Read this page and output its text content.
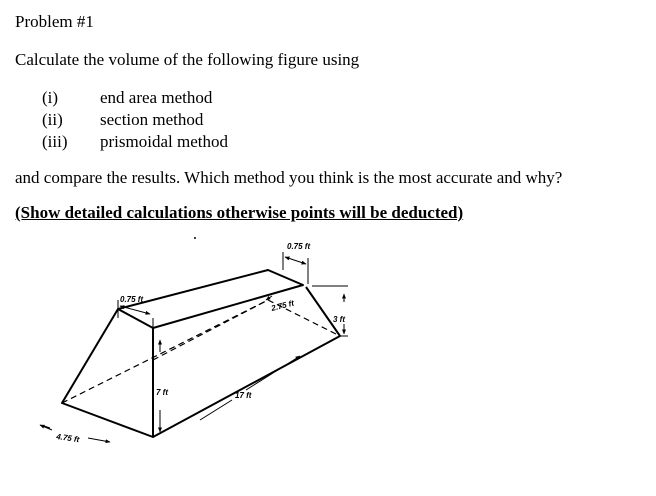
Problem #1
Calculate the volume of the following figure using
(i) end area method
(ii) section method
(iii) prismoidal method
and compare the results. Which method you think is the most accurate and why?
(Show detailed calculations otherwise points will be deducted)
0.75 ft
0.75 ft	2.75 ft
3 ft
7 ft	17 ft
4.75 ft
